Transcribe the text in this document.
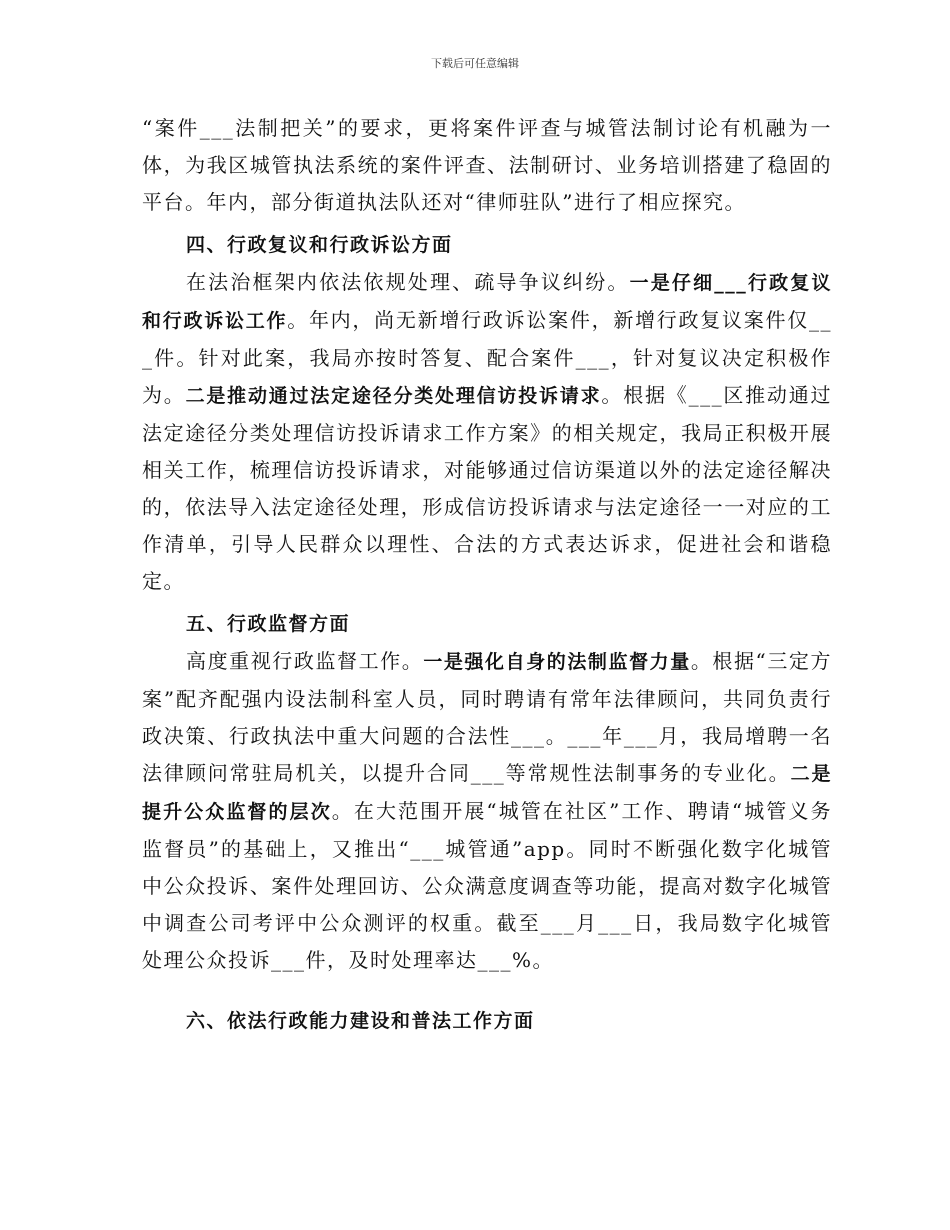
下载后可任意编辑

“案件___法制把关”的要求，更将案件评查与城管法制讨论有机融为一体，为我区城管执法系统的案件评查、法制研讨、业务培训搭建了稳固的平台。年内，部分街道执法队还对“律师驻队”进行了相应探究。

四、行政复议和行政诉讼方面

在法治框架内依法依规处理、疏导争议纠纷。一是仔细___行政复议和行政诉讼工作。年内，尚无新增行政诉讼案件，新增行政复议案件仅___件。针对此案，我局亦按时答复、配合案件___，针对复议决定积极作为。二是推动通过法定途径分类处理信访投诉请求。根据《___区推动通过法定途径分类处理信访投诉请求工作方案》的相关规定，我局正积极开展相关工作，梳理信访投诉请求，对能够通过信访渠道以外的法定途径解决的，依法导入法定途径处理，形成信访投诉请求与法定途径一一对应的工作清单，引导人民群众以理性、合法的方式表达诉求，促进社会和谐稳定。

五、行政监督方面

高度重视行政监督工作。一是强化自身的法制监督力量。根据“三定方案”配齐配强内设法制科室人员，同时聘请有常年法律顾问，共同负责行政决策、行政执法中重大问题的合法性___。___年___月，我局增聘一名法律顾问常驻局机关，以提升合同___等常规性法制事务的专业化。二是提升公众监督的层次。在大范围开展“城管在社区”工作、聘请“城管义务监督员”的基础上，又推出“___城管通”app。同时不断强化数字化城管中公众投诉、案件处理回访、公众满意度调查等功能，提高对数字化城管中调查公司考评中公众测评的权重。截至___月___日，我局数字化城管处理公众投诉___件，及时处理率达___%。

六、依法行政能力建设和普法工作方面
